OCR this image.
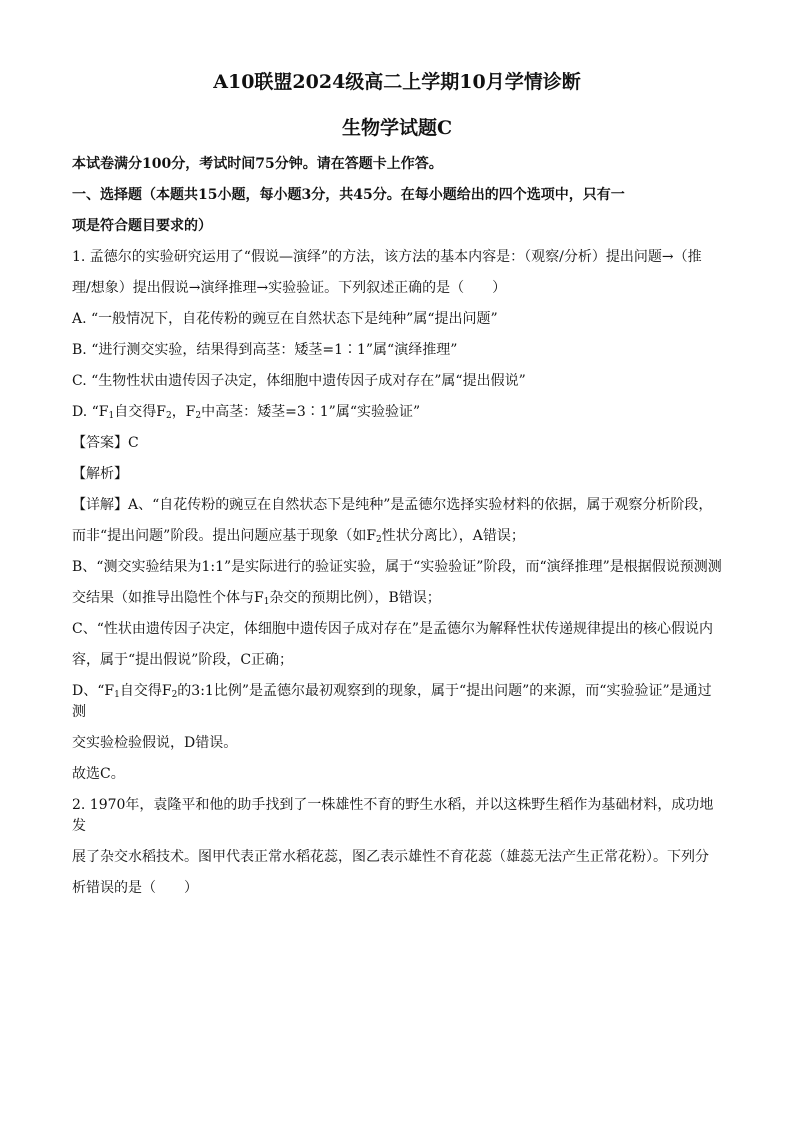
A10联盟2024级高二上学期10月学情诊断

生物学试题C

本试卷满分100分，考试时间75分钟。请在答题卡上作答。

一、选择题（本题共15小题，每小题3分，共45分。在每小题给出的四个选项中，只有一

项是符合题目要求的）

1. 孟德尔的实验研究运用了“假说—演绎”的方法，该方法的基本内容是：（观察/分析）提出问题→（推

理/想象）提出假说→演绎推理→实验验证。下列叙述正确的是（　　）

A. “一般情况下，自花传粉的豌豆在自然状态下是纯种”属“提出问题”

B. “进行测交实验，结果得到高茎：矮茎=1∶1”属“演绎推理”

C. “生物性状由遗传因子决定，体细胞中遗传因子成对存在”属“提出假说”

D. “$F_1$自交得$F_2$，$F_2$中高茎：矮茎=3∶1”属“实验验证”

【答案】C

【解析】

【详解】A、“自花传粉的豌豆在自然状态下是纯种”是孟德尔选择实验材料的依据，属于观察分析阶段，

而非“提出问题”阶段。提出问题应基于现象（如$F_2$性状分离比），A错误；

B、“测交实验结果为1:1”是实际进行的验证实验，属于“实验验证”阶段，而“演绎推理”是根据假说预测测

交结果（如推导出隐性个体与$F_1$杂交的预期比例），B错误；

C、“性状由遗传因子决定，体细胞中遗传因子成对存在”是孟德尔为解释性状传递规律提出的核心假说内

容，属于“提出假说”阶段，C正确；

D、“$F_1$自交得$F_2$的3:1比例”是孟德尔最初观察到的现象，属于“提出问题”的来源，而“实验验证”是通过测

交实验检验假说，D错误。

故选C。

2. 1970年，袁隆平和他的助手找到了一株雄性不育的野生水稻，并以这株野生稻作为基础材料，成功地发

展了杂交水稻技术。图甲代表正常水稻花蕊，图乙表示雄性不育花蕊（雄蕊无法产生正常花粉）。下列分

析错误的是（　　）
